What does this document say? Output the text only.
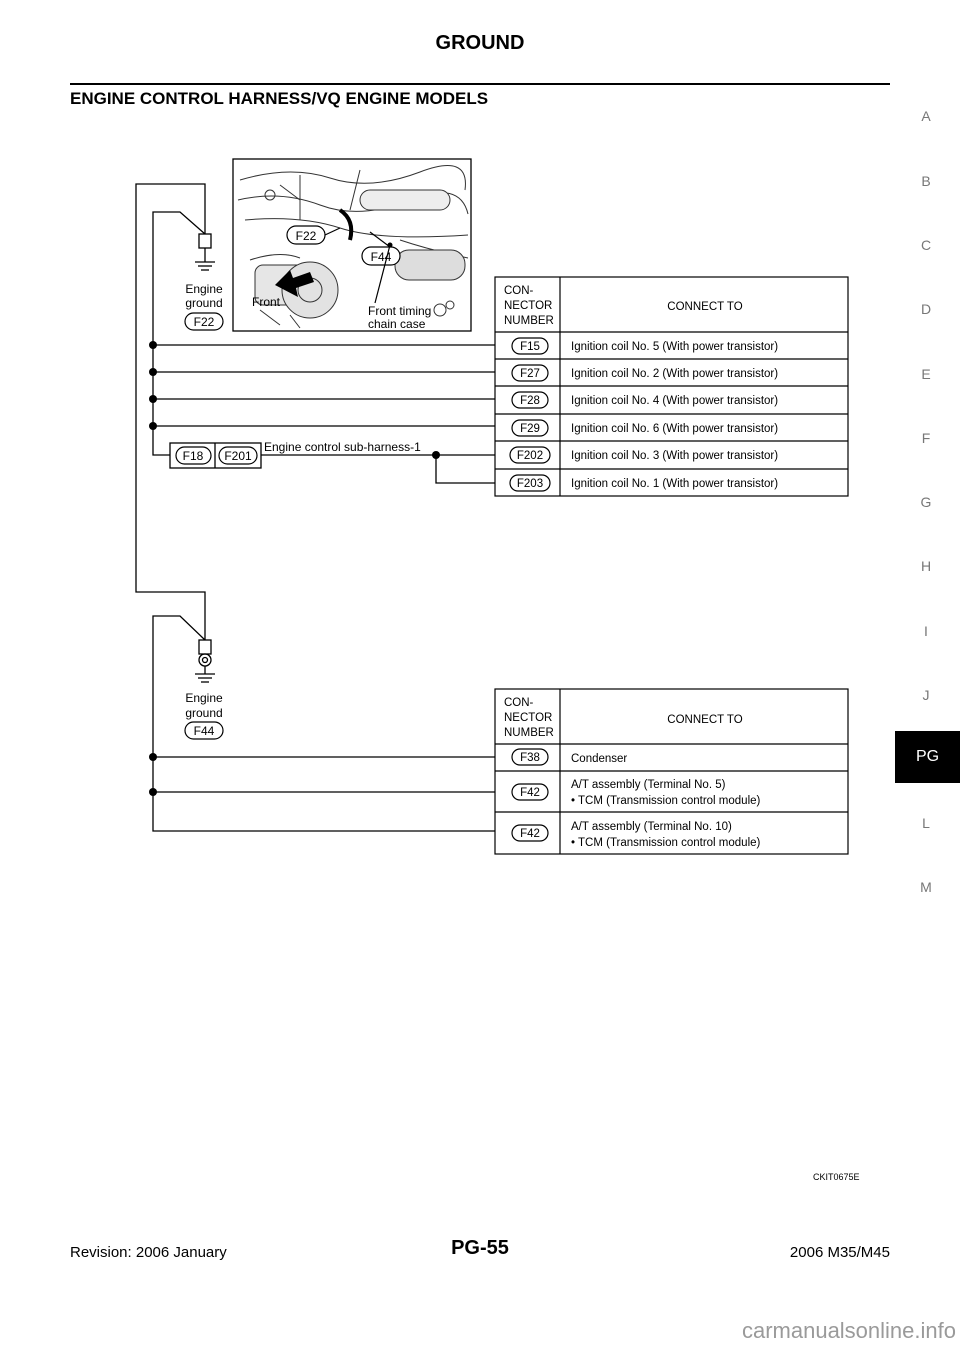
GROUND
ENGINE CONTROL HARNESS/VQ ENGINE MODELS
A
B
C
D
E
F
G
H
I
J
PG
L
M
F22
F44
Front
Front timing
chain case
Engine
ground
F22
Engine
ground
F44
F18 F201
Engine control sub-harness-1
CON-
NECTOR
NUMBER
CONNECT TO
F15	Ignition coil No. 5 (With power transistor)
F27	Ignition coil No. 2 (With power transistor)
F28	Ignition coil No. 4 (With power transistor)
F29	Ignition coil No. 6 (With power transistor)
F202 Ignition coil No. 3 (With power transistor)
F203 Ignition coil No. 1 (With power transistor)
CON-
NECTOR
NUMBER
CONNECT TO
F38	Condenser
F42
A/T assembly (Terminal No. 5)
• TCM (Transmission control module)
F42
A/T assembly (Terminal No. 10)
• TCM (Transmission control module)
CKIT0675E
Revision: 2006 January	PG-55	2006 M35/M45
carmanualsonline.info
